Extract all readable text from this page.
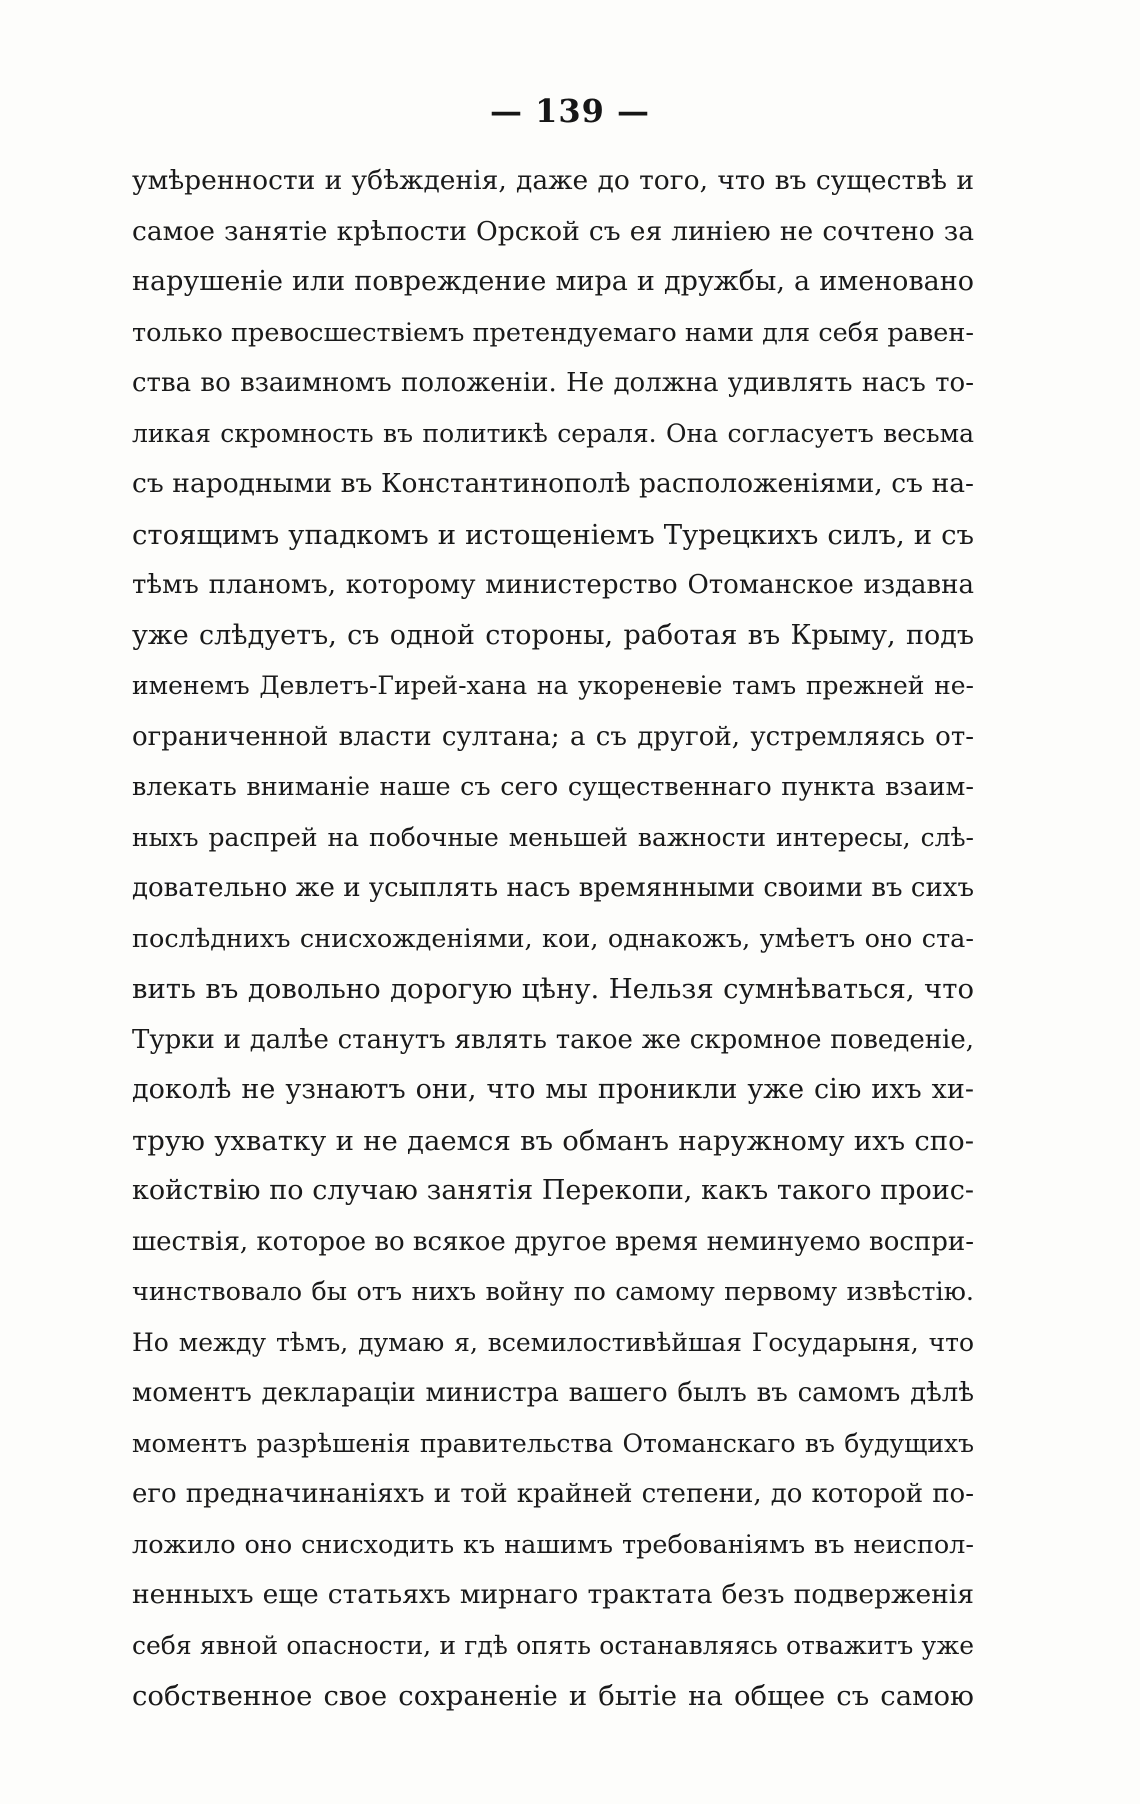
— 139 —
умѣренности и убѣжденія, даже до того, что въ существѣ и
самое занятіе крѣпости Орской съ ея линіею не сочтено за
нарушеніе или повреждение мира и дружбы, а именовано
только превосшествіемъ претендуемаго нами для себя равен-
ства во взаимномъ положеніи. Не должна удивлять насъ то-
ликая скромность въ политикѣ сераля. Она согласуетъ весьма
съ народными въ Константинополѣ расположеніями, съ на-
стоящимъ упадкомъ и истощеніемъ Турецкихъ силъ, и съ
тѣмъ планомъ, которому министерство Отоманское издавна
уже слѣдуетъ, съ одной стороны, работая въ Крыму, подъ
именемъ Девлетъ-Гирей-хана на укореневіе тамъ прежней не-
ограниченной власти султана; а съ другой, устремляясь от-
влекать вниманіе наше съ сего существеннаго пункта взаим-
ныхъ распрей на побочные меньшей важности интересы, слѣ-
довательно же и усыплять насъ времянными своими въ сихъ
послѣднихъ снисхожденіями, кои, однакожъ, умѣетъ оно ста-
вить въ довольно дорогую цѣну. Нельзя сумнѣваться, что
Турки и далѣе станутъ являть такое же скромное поведеніе,
доколѣ не узнаютъ они, что мы проникли уже сію ихъ хи-
трую ухватку и не даемся въ обманъ наружному ихъ спо-
койствію по случаю занятія Перекопи, какъ такого проис-
шествія, которое во всякое другое время неминуемо воспри-
чинствовало бы отъ нихъ войну по самому первому извѣстію.
Но между тѣмъ, думаю я, всемилостивѣйшая Государыня, что
моментъ декларацiи министра вашего былъ въ самомъ дѣлѣ
моментъ разрѣшенія правительства Отоманскаго въ будущихъ
его предначинаніяхъ и той крайней степени, до которой по-
ложило оно снисходить къ нашимъ требованіямъ въ неиспол-
ненныхъ еще статьяхъ мирнаго трактата безъ подверженія
себя явной опасности, и гдѣ опять останавляясь отважитъ уже
собственное свое сохраненіе и бытіе на общее съ самою
